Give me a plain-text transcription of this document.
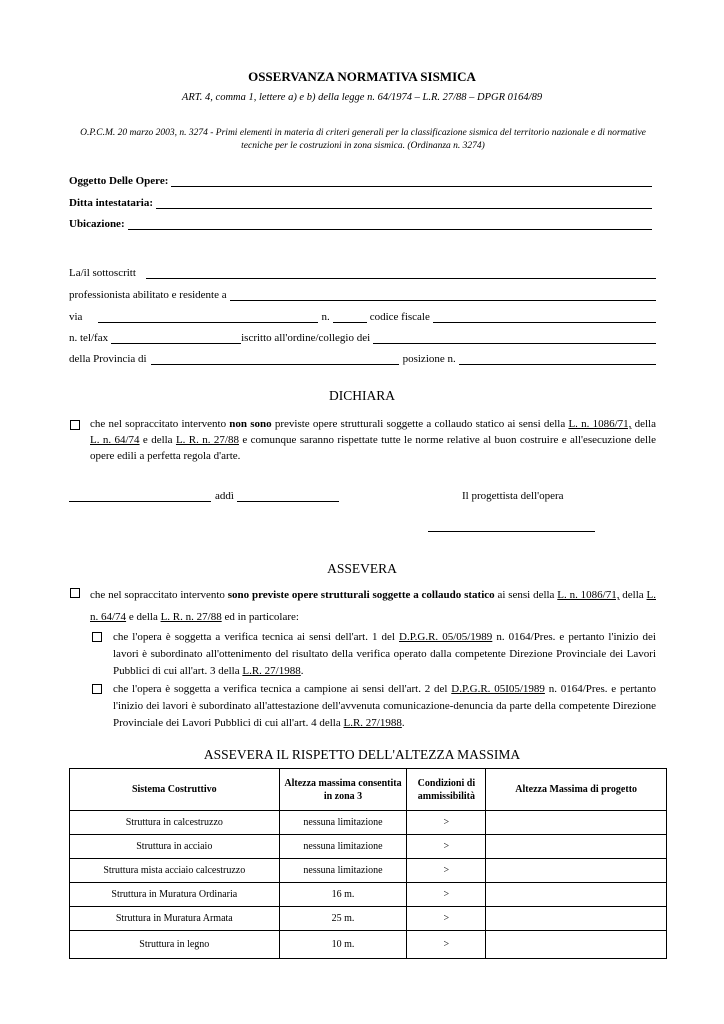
OSSERVANZA NORMATIVA SISMICA
ART. 4, comma 1, lettere a) e b) della legge n. 64/1974 – L.R. 27/88 – DPGR 0164/89
O.P.C.M. 20 marzo 2003, n. 3274 - Primi elementi in materia di criteri generali per la classificazione sismica del territorio nazionale e di normative tecniche per le costruzioni in zona sismica. (Ordinanza n. 3274)
Oggetto Delle Opere:
Ditta intestataria:
Ubicazione:
La/il sottoscritt
professionista abilitato e residente a
via	n.	codice fiscale
n. tel/fax	iscritto all'ordine/collegio dei
della Provincia di	posizione n.
DICHIARA
che nel sopraccitato intervento non sono previste opere strutturali soggette a collaudo statico ai sensi della L. n. 1086/71, della L. n. 64/74 e della L. R. n. 27/88 e comunque saranno rispettate tutte le norme relative al buon costruire e all'esecuzione delle opere edili a perfetta regola d'arte.
addì	Il progettista dell'opera
ASSEVERA
che nel sopraccitato intervento sono previste opere strutturali soggette a collaudo statico ai sensi della L. n. 1086/71, della L. n. 64/74 e della L. R. n. 27/88 ed in particolare:
che l'opera è soggetta a verifica tecnica ai sensi dell'art. 1 del D.P.G.R. 05/05/1989 n. 0164/Pres. e pertanto l'inizio dei lavori è subordinato all'ottenimento del risultato della verifica operato dalla competente Direzione Provinciale dei Lavori Pubblici di cui all'art. 3 della L.R. 27/1988.
che l'opera è soggetta a verifica tecnica a campione ai sensi dell'art. 2 del D.P.G.R. 05I05/1989 n. 0164/Pres. e pertanto l'inizio dei lavori è subordinato all'attestazione dell'avvenuta comunicazione-denuncia da parte della competente Direzione Provinciale dei Lavori Pubblici di cui all'art. 4 della L.R. 27/1988.
ASSEVERA IL RISPETTO DELL'ALTEZZA MASSIMA
Sistema Costruttivo	Altezza massima consentita in zona 3	Condizioni di ammissibilità	Altezza Massima di progetto
Struttura in calcestruzzo	nessuna limitazione	>	
Struttura in acciaio	nessuna limitazione	>	
Struttura mista acciaio calcestruzzo	nessuna limitazione	>	
Struttura in Muratura Ordinaria	16 m.	>	
Struttura in Muratura Armata	25 m.	>	
Struttura in legno	10 m.	>	
